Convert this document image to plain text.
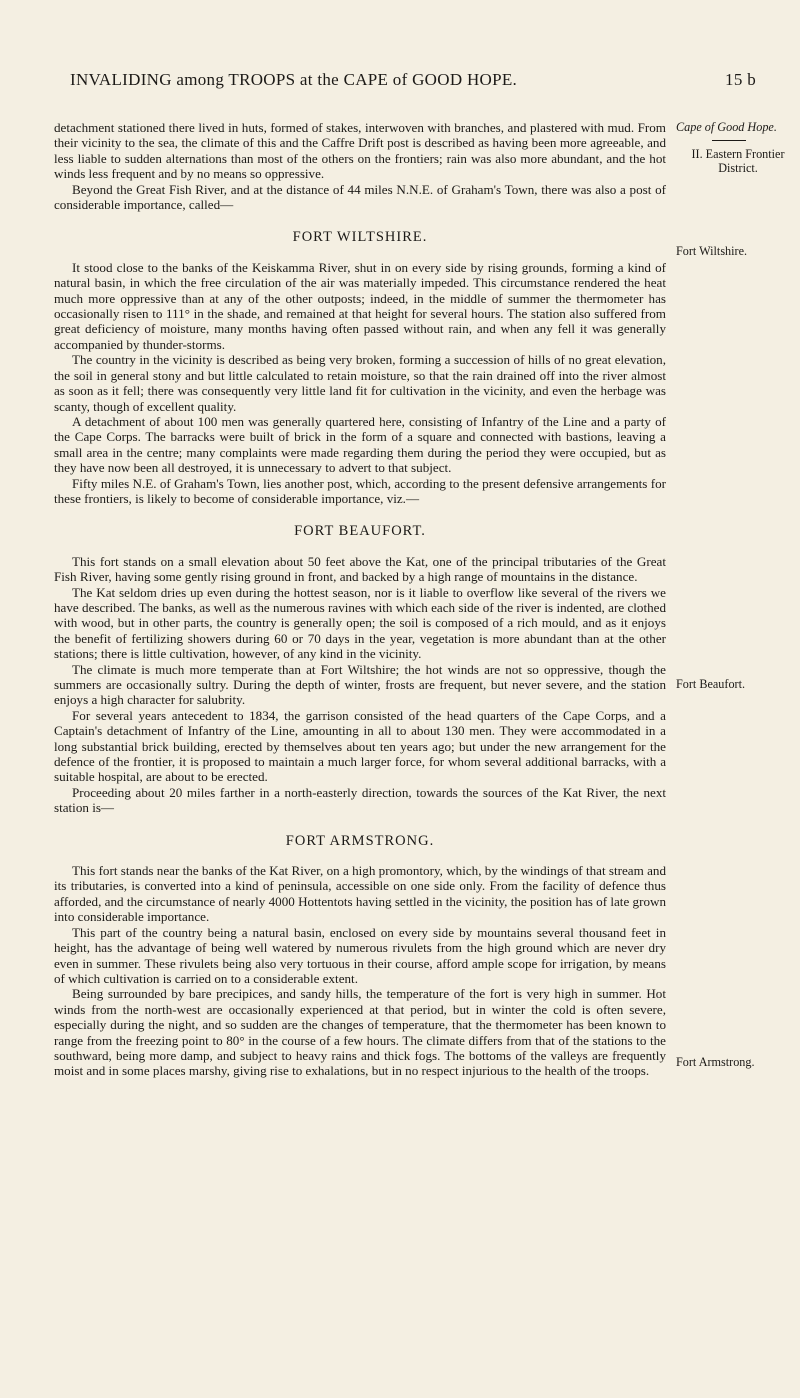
INVALIDING among TROOPS at the CAPE of GOOD HOPE.	15 b

detachment stationed there lived in huts, formed of stakes, interwoven with branches, and plastered with mud. From their vicinity to the sea, the climate of this and the Caffre Drift post is described as having been more agreeable, and less liable to sudden alternations than most of the others on the frontiers; rain was also more abundant, and the hot winds less frequent and by no means so oppressive.

Beyond the Great Fish River, and at the distance of 44 miles N.N.E. of Graham's Town, there was also a post of considerable importance, called—

FORT WILTSHIRE.

It stood close to the banks of the Keiskamma River, shut in on every side by rising grounds, forming a kind of natural basin, in which the free circulation of the air was materially impeded. This circumstance rendered the heat much more oppressive than at any of the other outposts; indeed, in the middle of summer the thermometer has occasionally risen to 111° in the shade, and remained at that height for several hours. The station also suffered from great deficiency of moisture, many months having often passed without rain, and when any fell it was generally accompanied by thunder-storms.

The country in the vicinity is described as being very broken, forming a succession of hills of no great elevation, the soil in general stony and but little calculated to retain moisture, so that the rain drained off into the river almost as soon as it fell; there was consequently very little land fit for cultivation in the vicinity, and even the herbage was scanty, though of excellent quality.

A detachment of about 100 men was generally quartered here, consisting of Infantry of the Line and a party of the Cape Corps. The barracks were built of brick in the form of a square and connected with bastions, leaving a small area in the centre; many complaints were made regarding them during the period they were occupied, but as they have now been all destroyed, it is unnecessary to advert to that subject.

Fifty miles N.E. of Graham's Town, lies another post, which, according to the present defensive arrangements for these frontiers, is likely to become of considerable importance, viz.—

FORT BEAUFORT.

This fort stands on a small elevation about 50 feet above the Kat, one of the principal tributaries of the Great Fish River, having some gently rising ground in front, and backed by a high range of mountains in the distance.

The Kat seldom dries up even during the hottest season, nor is it liable to overflow like several of the rivers we have described. The banks, as well as the numerous ravines with which each side of the river is indented, are clothed with wood, but in other parts, the country is generally open; the soil is composed of a rich mould, and as it enjoys the benefit of fertilizing showers during 60 or 70 days in the year, vegetation is more abundant than at the other stations; there is little cultivation, however, of any kind in the vicinity.

The climate is much more temperate than at Fort Wiltshire; the hot winds are not so oppressive, though the summers are occasionally sultry. During the depth of winter, frosts are frequent, but never severe, and the station enjoys a high character for salubrity.

For several years antecedent to 1834, the garrison consisted of the head quarters of the Cape Corps, and a Captain's detachment of Infantry of the Line, amounting in all to about 130 men. They were accommodated in a long substantial brick building, erected by themselves about ten years ago; but under the new arrangement for the defence of the frontier, it is proposed to maintain a much larger force, for whom several additional barracks, with a suitable hospital, are about to be erected.

Proceeding about 20 miles farther in a north-easterly direction, towards the sources of the Kat River, the next station is—

FORT ARMSTRONG.

This fort stands near the banks of the Kat River, on a high promontory, which, by the windings of that stream and its tributaries, is converted into a kind of peninsula, accessible on one side only. From the facility of defence thus afforded, and the circumstance of nearly 4000 Hottentots having settled in the vicinity, the position has of late grown into considerable importance.

This part of the country being a natural basin, enclosed on every side by mountains several thousand feet in height, has the advantage of being well watered by numerous rivulets from the high ground which are never dry even in summer. These rivulets being also very tortuous in their course, afford ample scope for irrigation, by means of which cultivation is carried on to a considerable extent.

Being surrounded by bare precipices, and sandy hills, the temperature of the fort is very high in summer. Hot winds from the north-west are occasionally experienced at that period, but in winter the cold is often severe, especially during the night, and so sudden are the changes of temperature, that the thermometer has been known to range from the freezing point to 80° in the course of a few hours. The climate differs from that of the stations to the southward, being more damp, and subject to heavy rains and thick fogs. The bottoms of the valleys are frequently moist and in some places marshy, giving rise to exhalations, but in no respect injurious to the health of the troops.

Cape of Good Hope.
II. Eastern Frontier District.
Fort Wiltshire.
Fort Beaufort.
Fort Armstrong.
